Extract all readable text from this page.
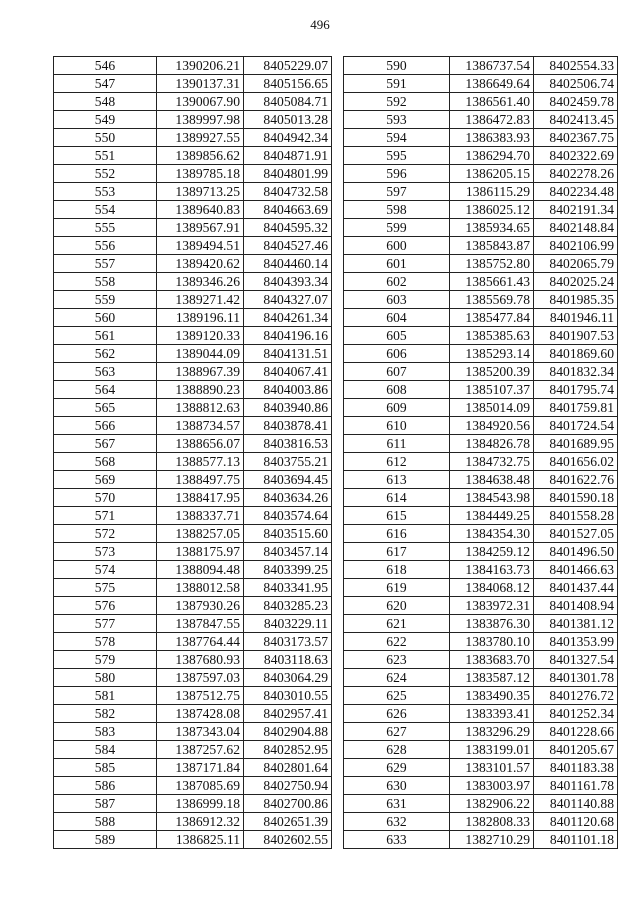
496
546	1390206.21	8405229.07
547	1390137.31	8405156.65
548	1390067.90	8405084.71
549	1389997.98	8405013.28
550	1389927.55	8404942.34
551	1389856.62	8404871.91
552	1389785.18	8404801.99
553	1389713.25	8404732.58
554	1389640.83	8404663.69
555	1389567.91	8404595.32
556	1389494.51	8404527.46
557	1389420.62	8404460.14
558	1389346.26	8404393.34
559	1389271.42	8404327.07
560	1389196.11	8404261.34
561	1389120.33	8404196.16
562	1389044.09	8404131.51
563	1388967.39	8404067.41
564	1388890.23	8404003.86
565	1388812.63	8403940.86
566	1388734.57	8403878.41
567	1388656.07	8403816.53
568	1388577.13	8403755.21
569	1388497.75	8403694.45
570	1388417.95	8403634.26
571	1388337.71	8403574.64
572	1388257.05	8403515.60
573	1388175.97	8403457.14
574	1388094.48	8403399.25
575	1388012.58	8403341.95
576	1387930.26	8403285.23
577	1387847.55	8403229.11
578	1387764.44	8403173.57
579	1387680.93	8403118.63
580	1387597.03	8403064.29
581	1387512.75	8403010.55
582	1387428.08	8402957.41
583	1387343.04	8402904.88
584	1387257.62	8402852.95
585	1387171.84	8402801.64
586	1387085.69	8402750.94
587	1386999.18	8402700.86
588	1386912.32	8402651.39
589	1386825.11	8402602.55
590	1386737.54	8402554.33
591	1386649.64	8402506.74
592	1386561.40	8402459.78
593	1386472.83	8402413.45
594	1386383.93	8402367.75
595	1386294.70	8402322.69
596	1386205.15	8402278.26
597	1386115.29	8402234.48
598	1386025.12	8402191.34
599	1385934.65	8402148.84
600	1385843.87	8402106.99
601	1385752.80	8402065.79
602	1385661.43	8402025.24
603	1385569.78	8401985.35
604	1385477.84	8401946.11
605	1385385.63	8401907.53
606	1385293.14	8401869.60
607	1385200.39	8401832.34
608	1385107.37	8401795.74
609	1385014.09	8401759.81
610	1384920.56	8401724.54
611	1384826.78	8401689.95
612	1384732.75	8401656.02
613	1384638.48	8401622.76
614	1384543.98	8401590.18
615	1384449.25	8401558.28
616	1384354.30	8401527.05
617	1384259.12	8401496.50
618	1384163.73	8401466.63
619	1384068.12	8401437.44
620	1383972.31	8401408.94
621	1383876.30	8401381.12
622	1383780.10	8401353.99
623	1383683.70	8401327.54
624	1383587.12	8401301.78
625	1383490.35	8401276.72
626	1383393.41	8401252.34
627	1383296.29	8401228.66
628	1383199.01	8401205.67
629	1383101.57	8401183.38
630	1383003.97	8401161.78
631	1382906.22	8401140.88
632	1382808.33	8401120.68
633	1382710.29	8401101.18
